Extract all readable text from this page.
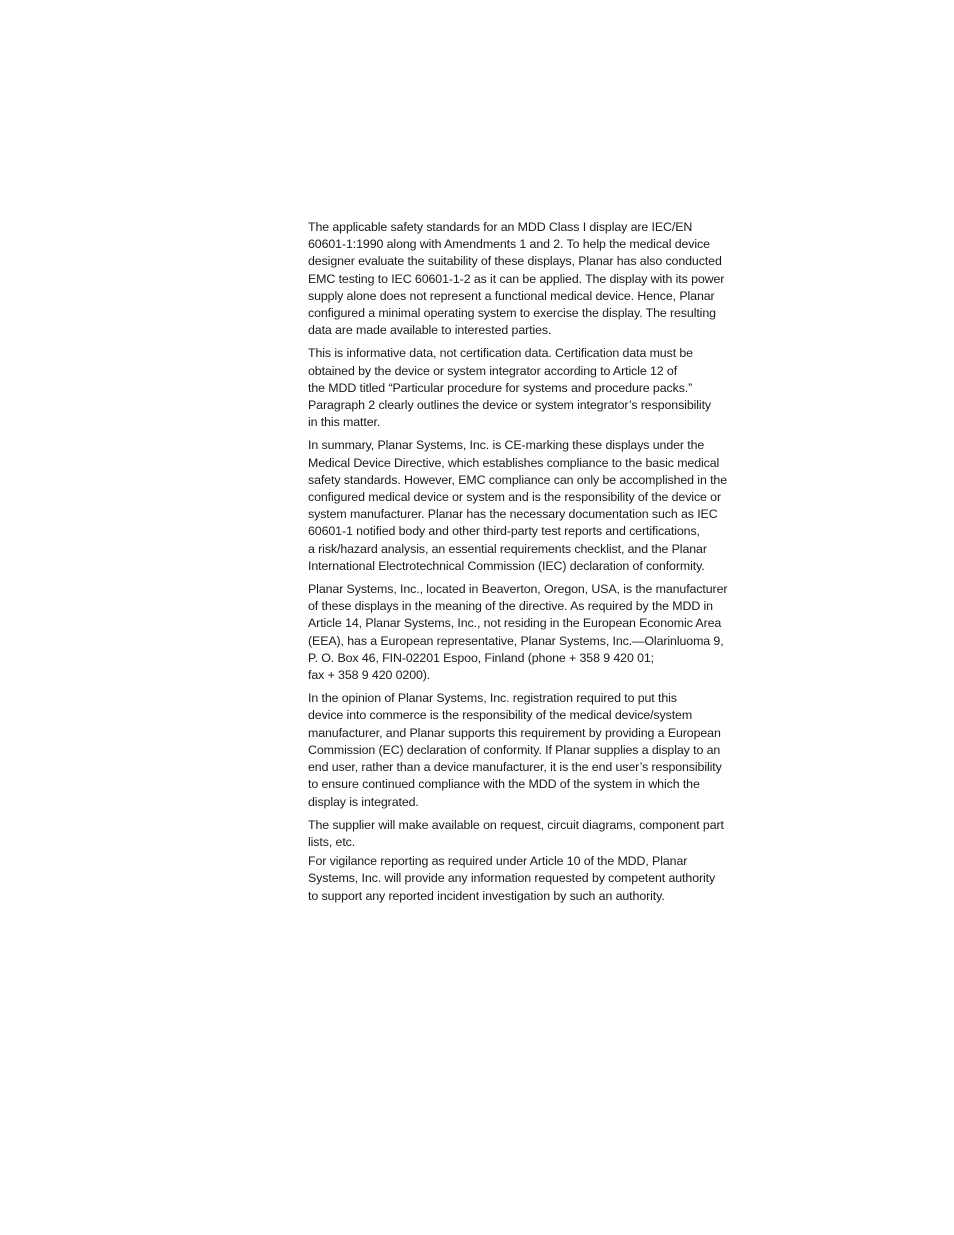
The applicable safety standards for an MDD Class I display are IEC/EN
60601-1:1990 along with Amendments 1 and 2. To help the medical device
designer evaluate the suitability of these displays, Planar has also conducted
EMC testing to IEC 60601-1-2 as it can be applied. The display with its power
supply alone does not represent a functional medical device. Hence, Planar
configured a minimal operating system to exercise the display. The resulting
data are made available to interested parties.

This is informative data, not certification data. Certification data must be
obtained by the device or system integrator according to Article 12 of
the MDD titled “Particular procedure for systems and procedure packs.”
Paragraph 2 clearly outlines the device or system integrator’s responsibility
in this matter.

In summary, Planar Systems, Inc. is CE-marking these displays under the
Medical Device Directive, which establishes compliance to the basic medical
safety standards. However, EMC compliance can only be accomplished in the
configured medical device or system and is the responsibility of the device or
system manufacturer. Planar has the necessary documentation such as IEC
60601-1 notified body and other third-party test reports and certifications,
a risk/hazard analysis, an essential requirements checklist, and the Planar
International Electrotechnical Commission (IEC) declaration of conformity.

Planar Systems, Inc., located in Beaverton, Oregon, USA, is the manufacturer
of these displays in the meaning of the directive. As required by the MDD in
Article 14, Planar Systems, Inc., not residing in the European Economic Area
(EEA), has a European representative, Planar Systems, Inc.—Olarinluoma 9,
P. O. Box 46, FIN-02201 Espoo, Finland (phone + 358 9 420 01;
fax + 358 9 420 0200).

In the opinion of Planar Systems, Inc. registration required to put this
device into commerce is the responsibility of the medical device/system
manufacturer, and Planar supports this requirement by providing a European
Commission (EC) declaration of conformity. If Planar supplies a display to an
end user, rather than a device manufacturer, it is the end user’s responsibility
to ensure continued compliance with the MDD of the system in which the
display is integrated.

The supplier will make available on request, circuit diagrams, component part
lists, etc.

For vigilance reporting as required under Article 10 of the MDD, Planar
Systems, Inc. will provide any information requested by competent authority
to support any reported incident investigation by such an authority.
